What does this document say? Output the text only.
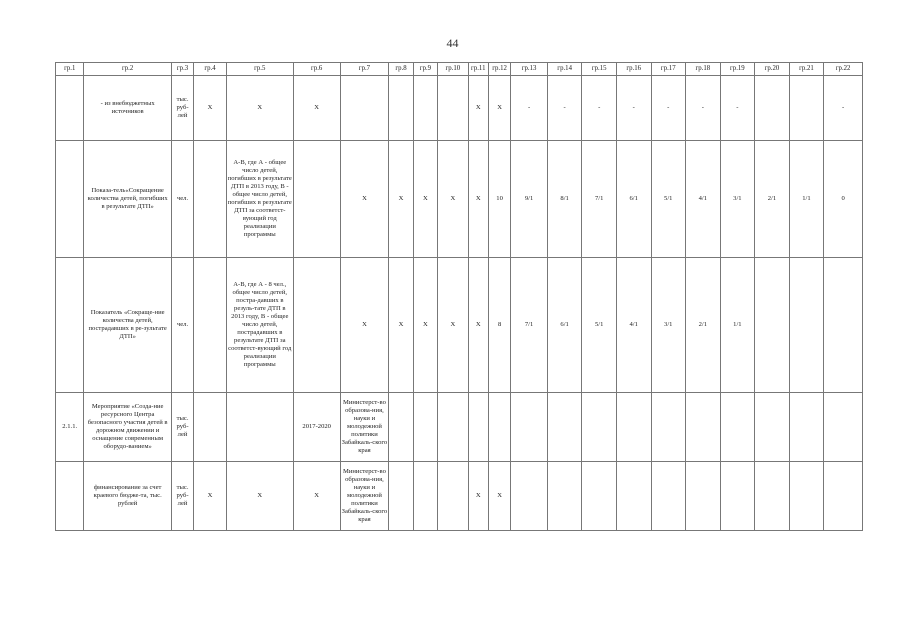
44
гр.1	гр.2	гр.3	гр.4	гр.5	гр.6	гр.7	гр.8	гр.9	гр.10	гр.11	гр.12	гр.13	гр.14	гр.15	гр.16	гр.17	гр.18	гр.19	гр.20	гр.21	гр.22
	- из внебюджетных источников	тыс. руб-лей	Х	Х	Х					Х	Х	-	-	-	-	-	-	-			-
	Показа-тель«Сокращение количества детей, погибших в результате ДТП»	чел.		А-В, где А - общее число детей, погибших в результате ДТП в 2013 году, В - общее число детей, погибших в результате ДТП за соответст-вующий год реализации программы		Х	Х	Х	Х	Х	10	9/1	8/1	7/1	6/1	5/1	4/1	3/1	2/1	1/1	0
	Показатель «Сокраще-ние количества детей, пострадавших в ре-зультате ДТП»	чел.		А-В, где А - 8 чел., общее число детей, постра-давших в резуль-тате ДТП в 2013 году, В - общее число детей, пострадавших в результате ДТП за соответст-вующий год реализации программы		Х	Х	Х	Х	Х	8	7/1	6/1	5/1	4/1	3/1	2/1	1/1			
2.1.1.	Мероприятие «Созда-ние ресурсного Центра безопасного участия детей в дорожном движении и оснащение современным оборудо-ванием»	тыс. руб-лей			2017-2020	Министерст-во образова-ния, науки и молодежной политики Забайкаль-ского края															
	финансирование за счет краевого бюдже-та, тыс. рублей	тыс. руб-лей	Х	Х	Х	Министерст-во образова-ния, науки и молодежной политики Забайкаль-ского края				Х	Х										
